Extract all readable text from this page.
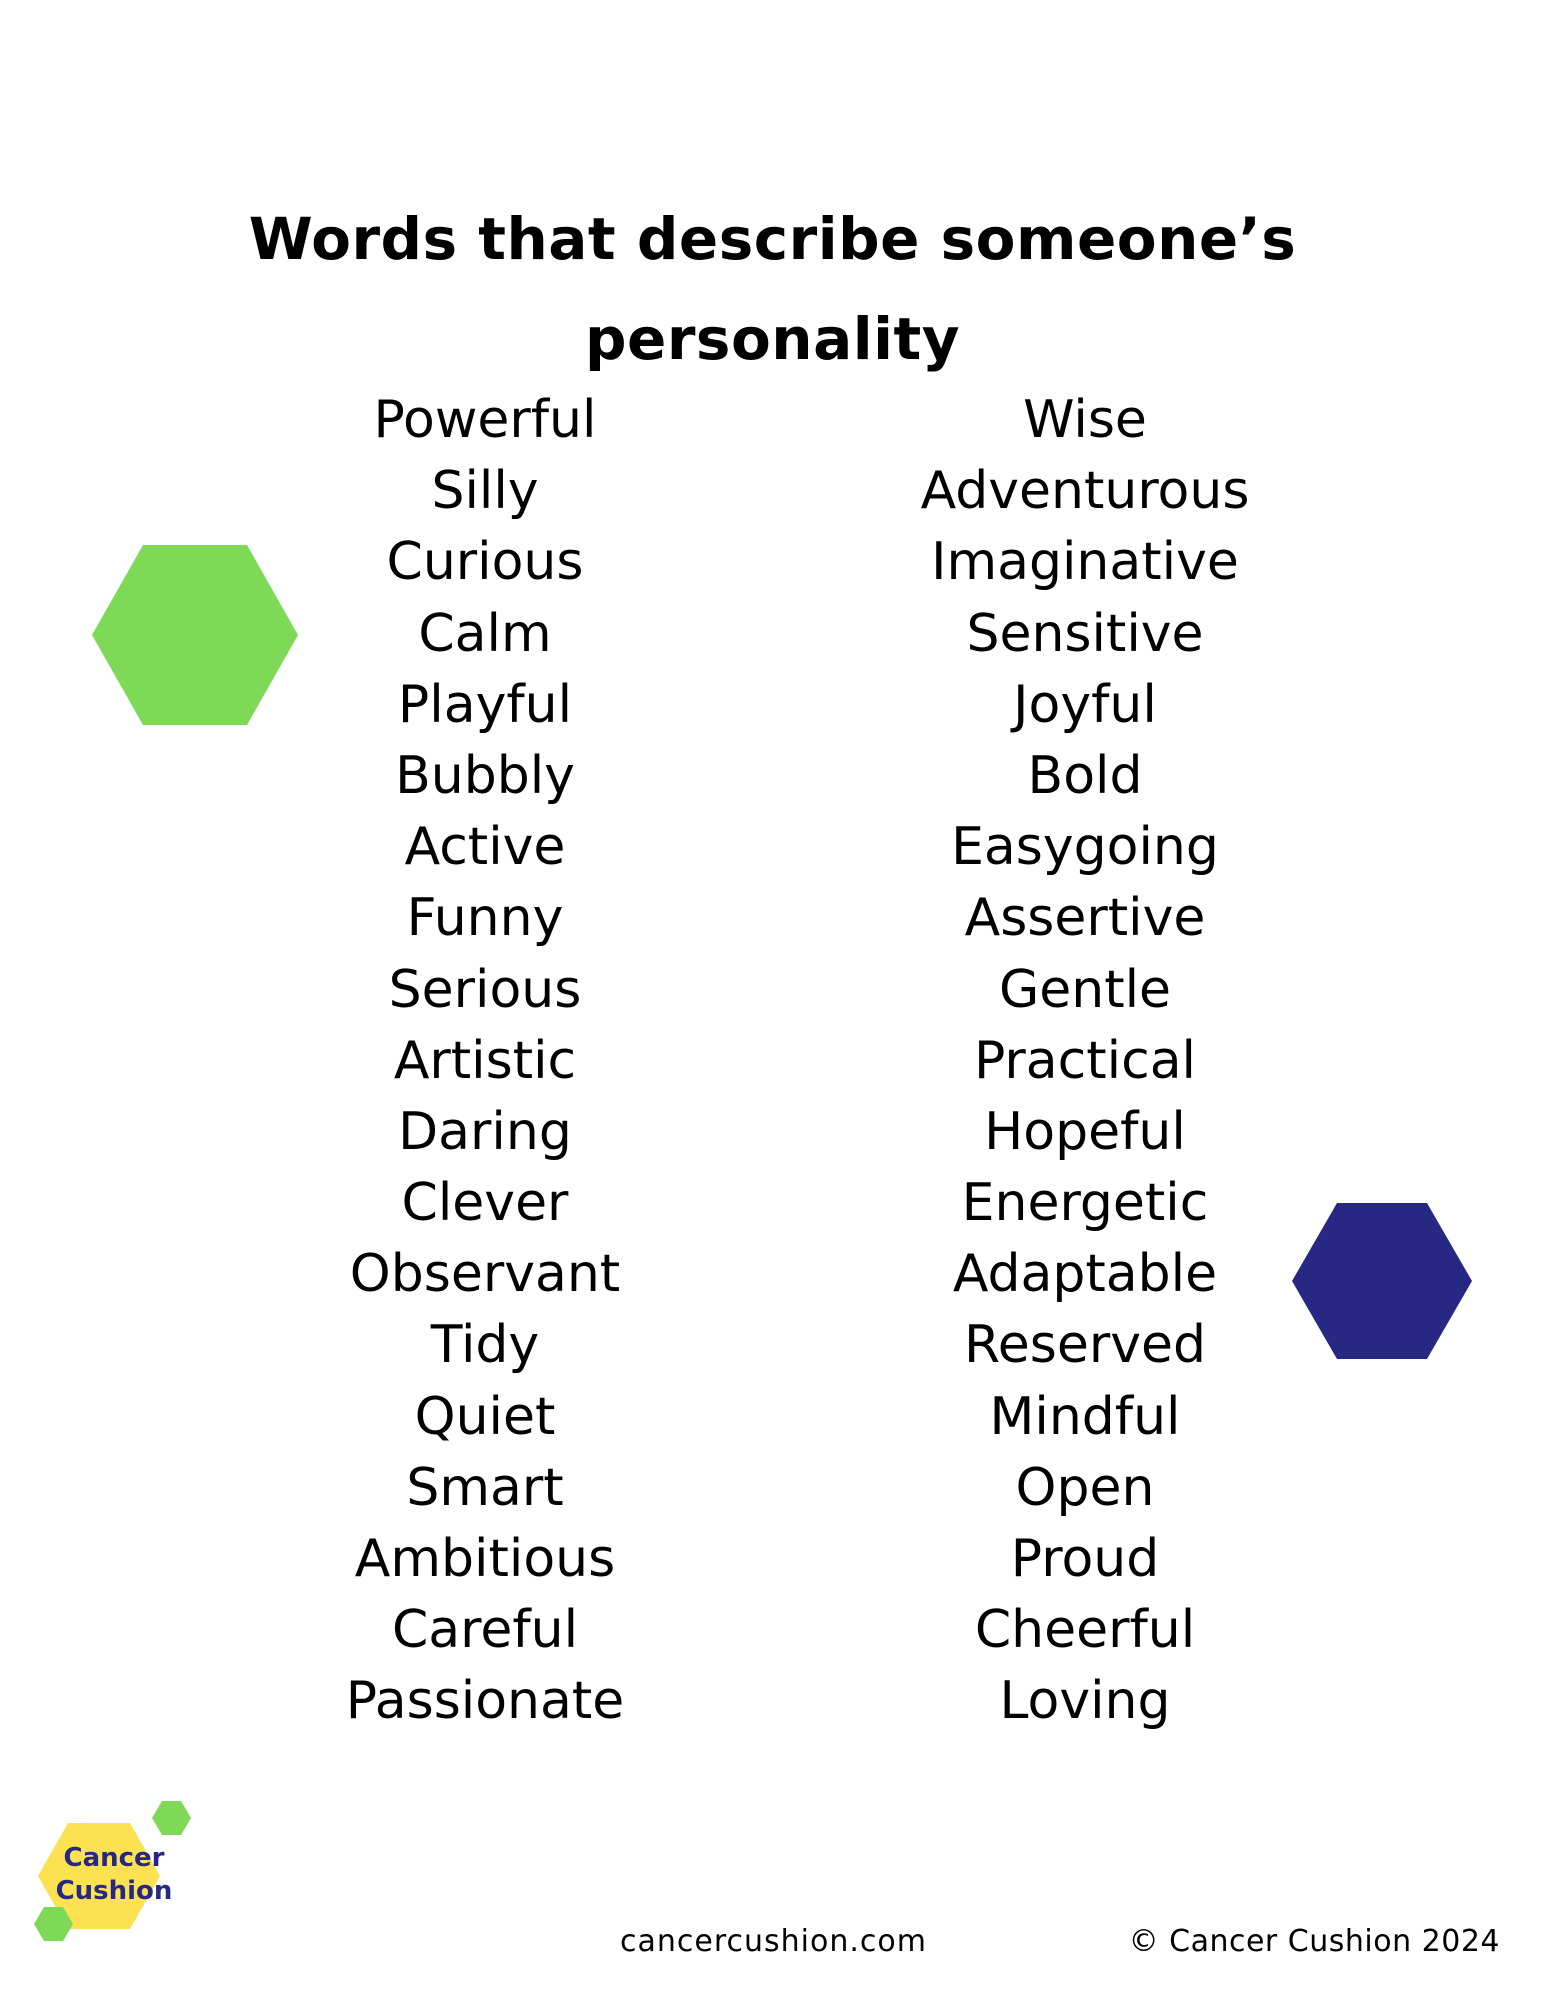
Words that describe someone’s
personality
Powerful
Silly
Curious
Calm
Playful
Bubbly
Active
Funny
Serious
Artistic
Daring
Clever
Observant
Tidy
Quiet
Smart
Ambitious
Careful
Passionate
Wise
Adventurous
Imaginative
Sensitive
Joyful
Bold
Easygoing
Assertive
Gentle
Practical
Hopeful
Energetic
Adaptable
Reserved
Mindful
Open
Proud
Cheerful
Loving
Cancer
Cushion
cancercushion.com	© Cancer Cushion 2024
